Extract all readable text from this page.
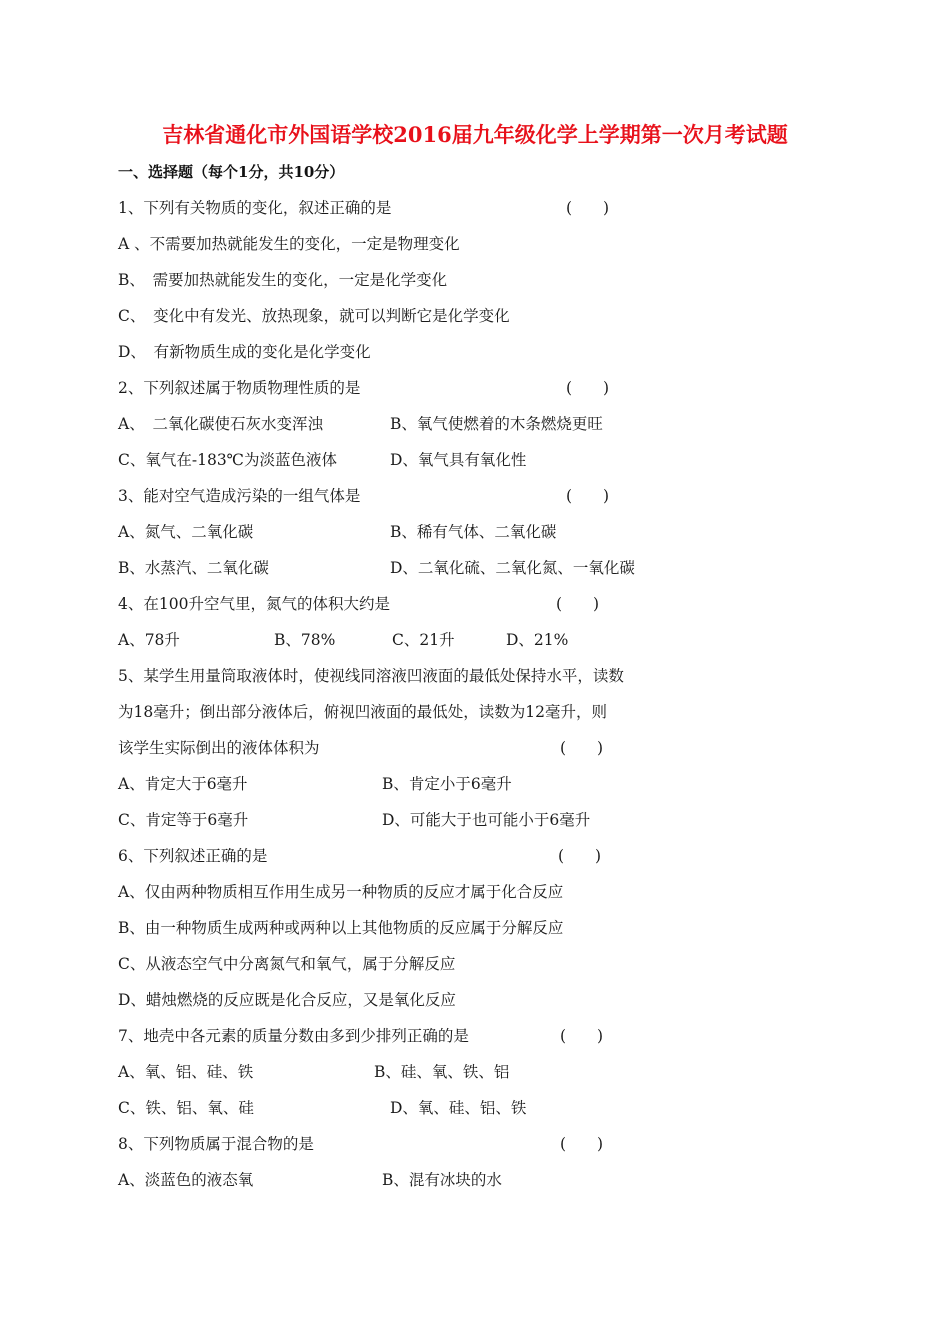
吉林省通化市外国语学校2016届九年级化学上学期第一次月考试题
一、选择题（每个1分，共10分）
1、下列有关物质的变化，叙述正确的是	(　　)
A 、不需要加热就能发生的变化，一定是物理变化
B、　需要加热就能发生的变化，一定是化学变化
C、　变化中有发光、放热现象，就可以判断它是化学变化
D、　有新物质生成的变化是化学变化
2、下列叙述属于物质物理性质的是	(　　)
A、　二氧化碳使石灰水变浑浊	B、氧气使燃着的木条燃烧更旺
C、氧气在-183℃为淡蓝色液体	D、氧气具有氧化性
3、能对空气造成污染的一组气体是	(　　)
A、氮气、二氧化碳	B、稀有气体、二氧化碳
B、水蒸汽、二氧化碳	D、二氧化硫、二氧化氮、一氧化碳
4、在100升空气里，氮气的体积大约是	(　　)
A、78升	B、78%	C、21升	D、21%
5、某学生用量筒取液体时，使视线同溶液凹液面的最低处保持水平，读数
为18毫升；倒出部分液体后，俯视凹液面的最低处，读数为12毫升，则
该学生实际倒出的液体体积为	(　　)
A、肯定大于6毫升	B、肯定小于6毫升
C、肯定等于6毫升	D、可能大于也可能小于6毫升
6、下列叙述正确的是	(　　)
A、仅由两种物质相互作用生成另一种物质的反应才属于化合反应
B、由一种物质生成两种或两种以上其他物质的反应属于分解反应
C、从液态空气中分离氮气和氧气，属于分解反应
D、蜡烛燃烧的反应既是化合反应，又是氧化反应
7、地壳中各元素的质量分数由多到少排列正确的是	(　　)
A、氧、铝、硅、铁	B、硅、氧、铁、铝
C、铁、铝、氧、硅	D、氧、硅、铝、铁
8、下列物质属于混合物的是	(　　)
A、淡蓝色的液态氧	B、混有冰块的水
